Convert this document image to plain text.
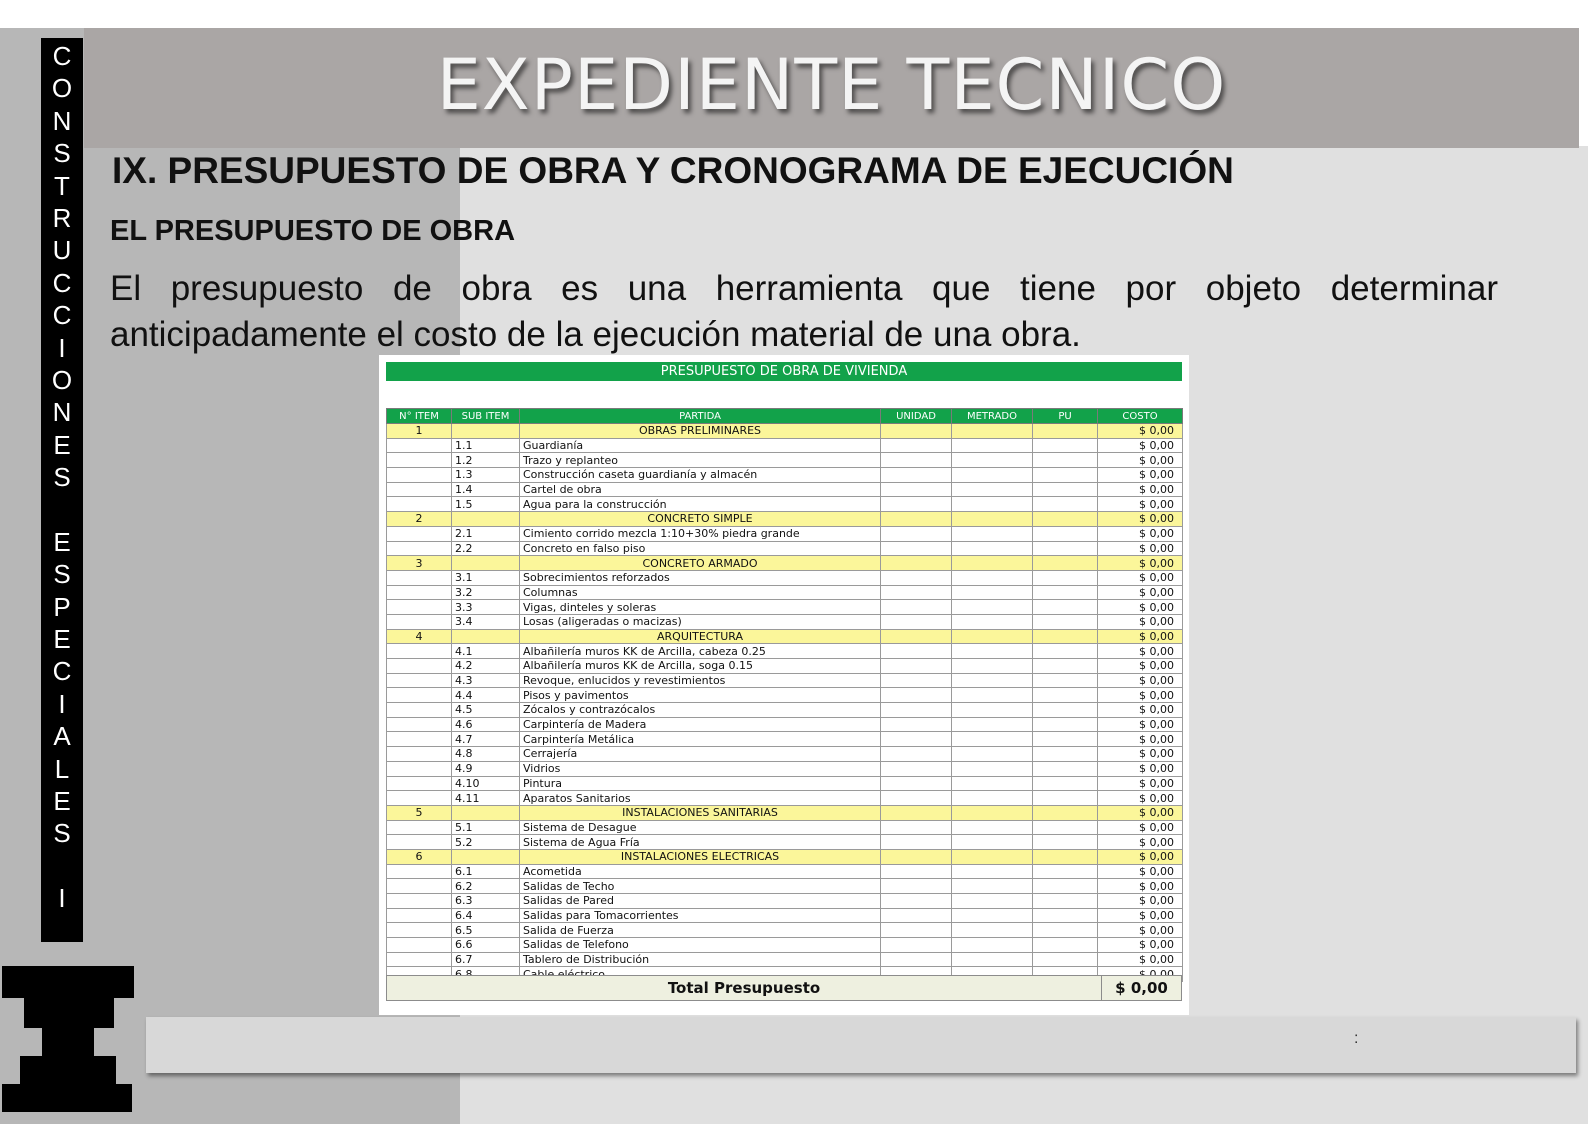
EXPEDIENTE TECNICO
C
O
N
S
T
R
U
C
C
I
O
N
E
S
E
S
P
E
C
I
A
L
E
S
I
IX. PRESUPUESTO DE OBRA Y CRONOGRAMA DE EJECUCIÓN
EL PRESUPUESTO DE OBRA
El presupuesto de obra es una herramienta que tiene por objeto determinar anticipadamente el costo de la ejecución material de una obra.
PRESUPUESTO DE OBRA DE VIVIENDA
N° ITEM	SUB ITEM	PARTIDA	UNIDAD	METRADO	PU	COSTO
1		OBRAS PRELIMINARES				$ 0,00
	1.1	Guardianía				$ 0,00
	1.2	Trazo y replanteo				$ 0,00
	1.3	Construcción caseta guardianía y almacén				$ 0,00
	1.4	Cartel de obra				$ 0,00
	1.5	Agua para la construcción				$ 0,00
2		CONCRETO SIMPLE				$ 0,00
	2.1	Cimiento corrido mezcla 1:10+30% piedra grande				$ 0,00
	2.2	Concreto en falso piso				$ 0,00
3		CONCRETO ARMADO				$ 0,00
	3.1	Sobrecimientos reforzados				$ 0,00
	3.2	Columnas				$ 0,00
	3.3	Vigas, dinteles y soleras				$ 0,00
	3.4	Losas (aligeradas o macizas)				$ 0,00
4		ARQUITECTURA				$ 0,00
	4.1	Albañilería muros KK de Arcilla, cabeza 0.25				$ 0,00
	4.2	Albañilería muros KK de Arcilla, soga 0.15				$ 0,00
	4.3	Revoque, enlucidos y revestimientos				$ 0,00
	4.4	Pisos y pavimentos				$ 0,00
	4.5	Zócalos y contrazócalos				$ 0,00
	4.6	Carpintería de Madera				$ 0,00
	4.7	Carpintería Metálica				$ 0,00
	4.8	Cerrajería				$ 0,00
	4.9	Vidrios				$ 0,00
	4.10	Pintura				$ 0,00
	4.11	Aparatos Sanitarios				$ 0,00
5		INSTALACIONES SANITARIAS				$ 0,00
	5.1	Sistema de Desague				$ 0,00
	5.2	Sistema de Agua Fría				$ 0,00
6		INSTALACIONES ELECTRICAS				$ 0,00
	6.1	Acometida				$ 0,00
	6.2	Salidas de Techo				$ 0,00
	6.3	Salidas de Pared				$ 0,00
	6.4	Salidas para Tomacorrientes				$ 0,00
	6.5	Salida de Fuerza				$ 0,00
	6.6	Salidas de Telefono				$ 0,00
	6.7	Tablero de Distribución				$ 0,00

Total Presupuesto	$ 0,00
:
